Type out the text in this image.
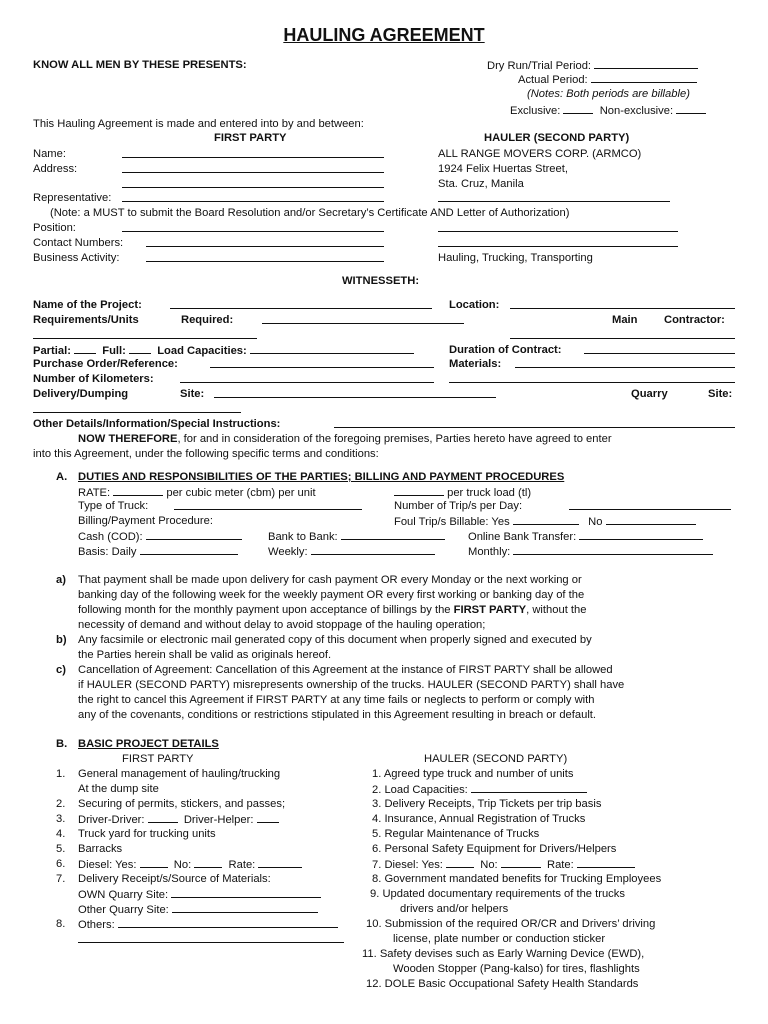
HAULING AGREEMENT
KNOW ALL MEN BY THESE PRESENTS:	Dry Run/Trial Period:
Actual Period:
(Notes: Both periods are billable)
Exclusive:	Non-exclusive:
This Hauling Agreement is made and entered into by and between:
FIRST PARTY	HAULER (SECOND PARTY)
Name:	ALL RANGE MOVERS CORP. (ARMCO)
Address:	1924 Felix Huertas Street,
Sta. Cruz, Manila
Representative:
(Note: a MUST to submit the Board Resolution and/or Secretary’s Certificate AND Letter of Authorization)
Position:
Contact Numbers:
Business Activity:	Hauling, Trucking, Transporting
WITNESSETH:
Name of the Project:	Location:
Requirements/Units	Required:	Main Contractor:
Partial:	Full:	Load Capacities:	Duration of Contract:
Purchase Order/Reference:	Materials:
Number of Kilometers:
Delivery/Dumping	Site:	Quarry	Site:
Other Details/Information/Special Instructions:
NOW THEREFORE, for and in consideration of the foregoing premises, Parties hereto have agreed to enter
into this Agreement, under the following specific terms and conditions:
A. DUTIES AND RESPONSIBILITIES OF THE PARTIES; BILLING AND PAYMENT PROCEDURES
RATE:	per cubic meter (cbm) per unit	per truck load (tl)
Type of Truck:	Number of Trip/s per Day:
Billing/Payment Procedure:	Foul Trip/s Billable: Yes	No
Cash (COD):	Bank to Bank:	Online Bank Transfer:
Basis: Daily	Weekly:	Monthly:
a) That payment shall be made upon delivery for cash payment OR every Monday or the next working or
banking day of the following week for the weekly payment OR every first working or banking day of the
following month for the monthly payment upon acceptance of billings by the FIRST PARTY, without the
necessity of demand and without delay to avoid stoppage of the hauling operation;
b) Any facsimile or electronic mail generated copy of this document when properly signed and executed by
the Parties herein shall be valid as originals hereof.
c) Cancellation of Agreement: Cancellation of this Agreement at the instance of FIRST PARTY shall be allowed
if HAULER (SECOND PARTY) misrepresents ownership of the trucks. HAULER (SECOND PARTY) shall have
the right to cancel this Agreement if FIRST PARTY at any time fails or neglects to perform or comply with
any of the covenants, conditions or restrictions stipulated in this Agreement resulting in breach or default.
B. BASIC PROJECT DETAILS
FIRST PARTY	HAULER (SECOND PARTY)
1. General management of hauling/trucking
At the dump site
2. Securing of permits, stickers, and passes;
3. Driver-Driver:	Driver-Helper:
4. Truck yard for trucking units
5. Barracks
6. Diesel: Yes:	No:	Rate:
7. Delivery Receipt/s/Source of Materials:
OWN Quarry Site:
Other Quarry Site:
8. Others:
1. Agreed type truck and number of units
2. Load Capacities:
3. Delivery Receipts, Trip Tickets per trip basis
4. Insurance, Annual Registration of Trucks
5. Regular Maintenance of Trucks
6. Personal Safety Equipment for Drivers/Helpers
7. Diesel: Yes:	No:	Rate:
8. Government mandated benefits for Trucking Employees
9. Updated documentary requirements of the trucks
drivers and/or helpers
10. Submission of the required OR/CR and Drivers’ driving
license, plate number or conduction sticker
11. Safety devises such as Early Warning Device (EWD),
Wooden Stopper (Pang-kalso) for tires, flashlights
12. DOLE Basic Occupational Safety Health Standards
